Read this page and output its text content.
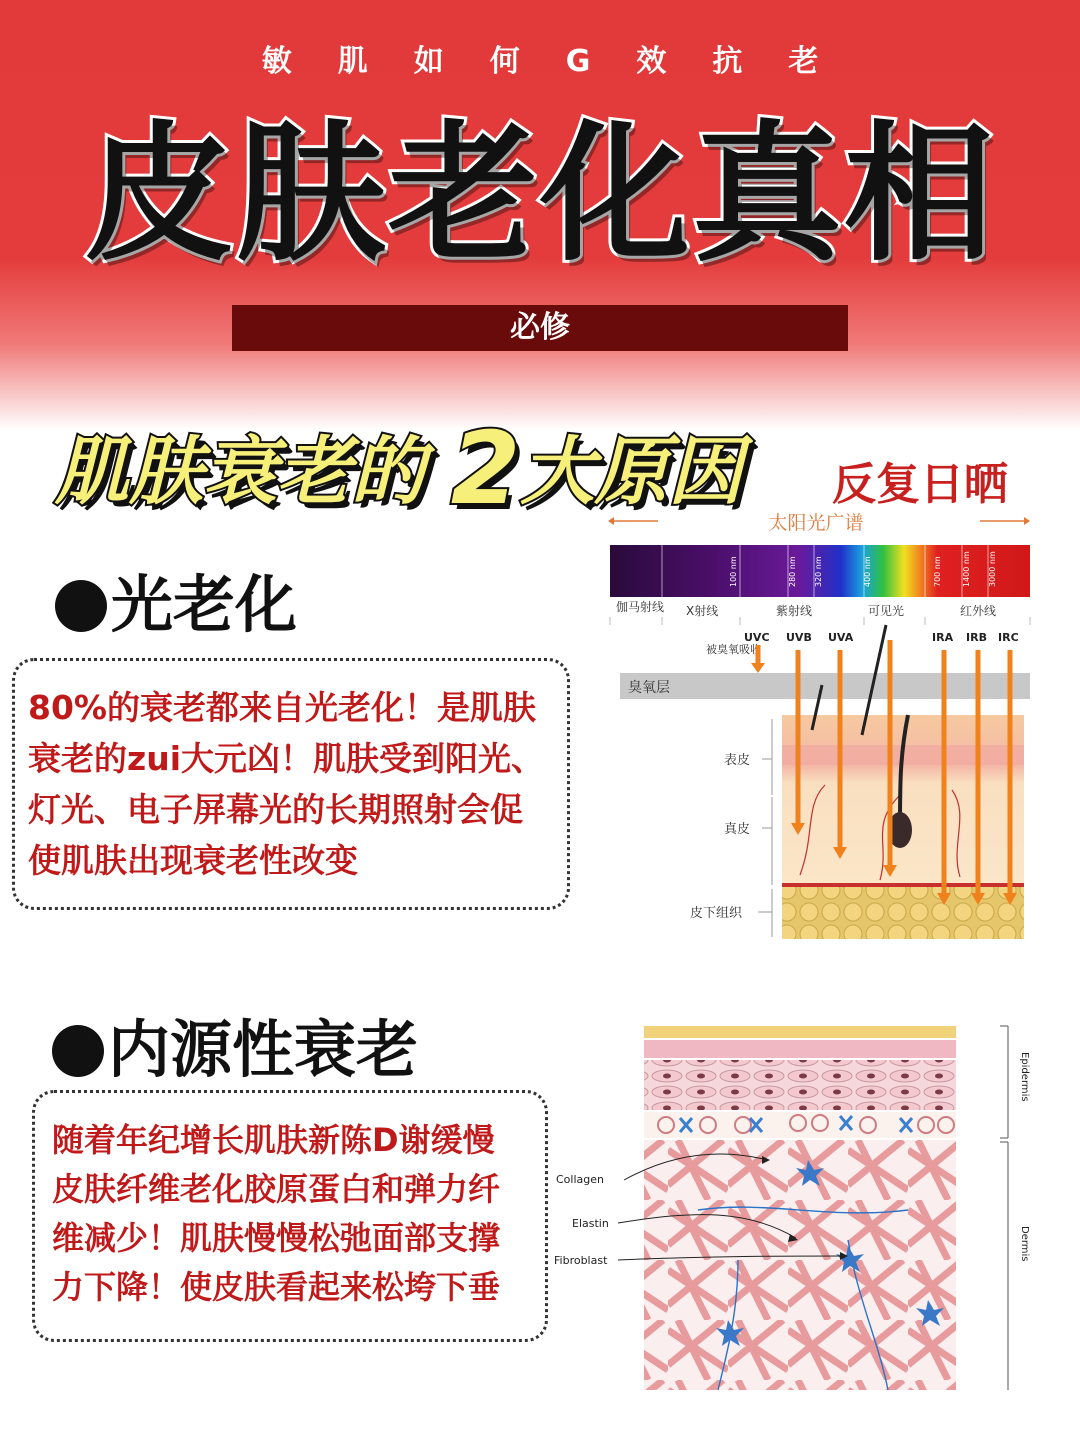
敏 肌 如 何 G 效 抗 老
皮肤老化真相
必修
肌肤衰老的 2大原因 反复日晒
光老化
80%的衰老都来自光老化！是肌肤
衰老的zui大元凶！肌肤受到阳光、
灯光、电子屏幕光的长期照射会促
使肌肤出现衰老性改变
内源性衰老
随着年纪增长肌肤新陈D谢缓慢
皮肤纤维老化胶原蛋白和弹力纤
维减少！肌肤慢慢松弛面部支撑
力下降！使皮肤看起来松垮下垂
太阳光广谱
100 nm	280 nm 320 nm	400 nm	700 nm	1400 nm 3000 nm
伽马射线 X射线	紫射线	可见光	红外线
UVC UVB UVA	IRA IRB IRC
被臭氧吸收
臭氧层
表皮
真皮
皮下组织
Collagen
Elastin
Fibroblast
Epidermis
Dermis
